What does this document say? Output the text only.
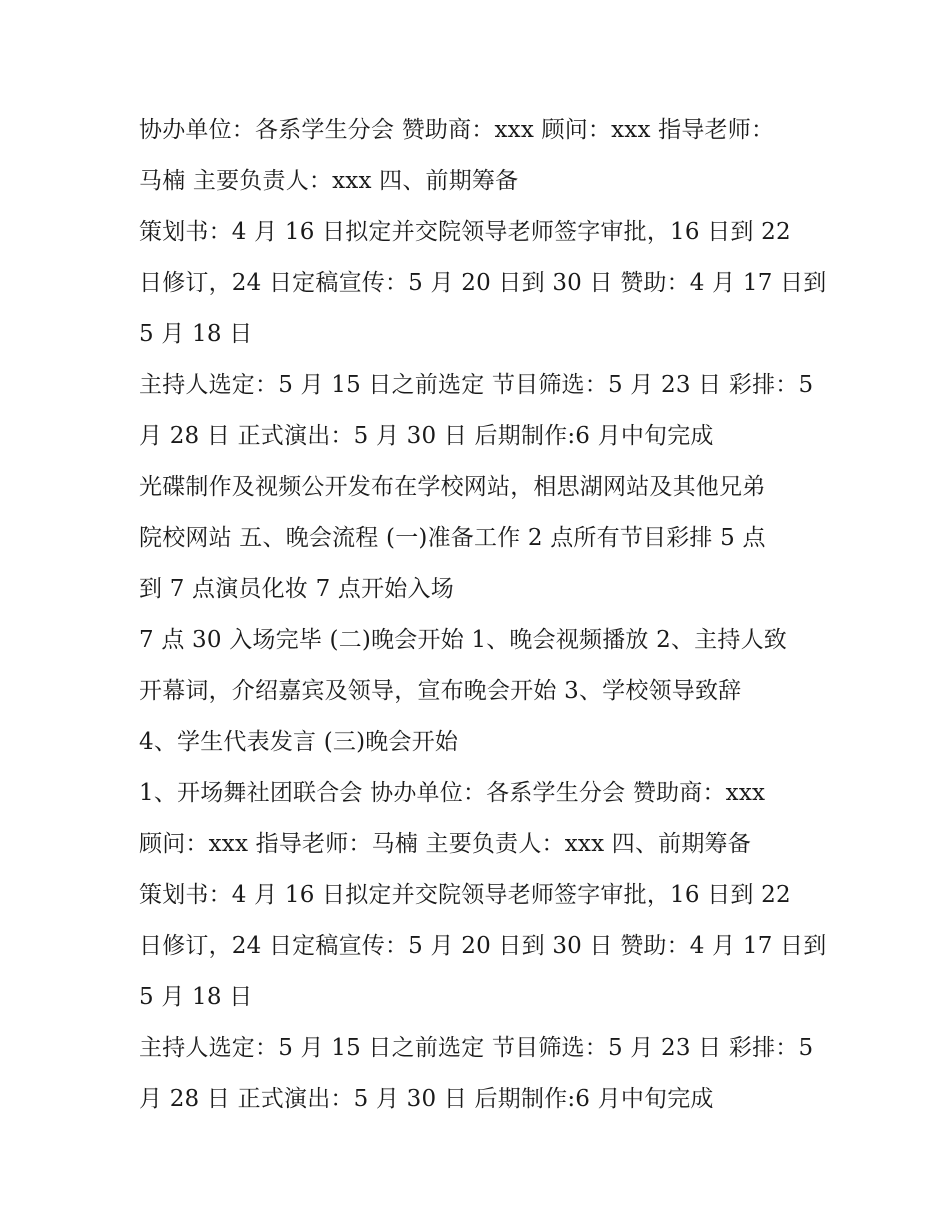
协办单位：各系学生分会 赞助商：xxx 顾问：xxx 指导老师：
马楠 主要负责人：xxx 四、前期筹备
策划书：4 月 16 日拟定并交院领导老师签字审批，16 日到 22
日修订，24 日定稿宣传：5 月 20 日到 30 日 赞助：4 月 17 日到
5 月 18 日
主持人选定：5 月 15 日之前选定 节目筛选：5 月 23 日 彩排：5
月 28 日 正式演出：5 月 30 日 后期制作:6 月中旬完成
光碟制作及视频公开发布在学校网站，相思湖网站及其他兄弟
院校网站 五、晚会流程 (一)准备工作 2 点所有节目彩排 5 点
到 7 点演员化妆 7 点开始入场
7 点 30 入场完毕 (二)晚会开始 1、晚会视频播放 2、主持人致
开幕词，介绍嘉宾及领导，宣布晚会开始 3、学校领导致辞
4、学生代表发言 (三)晚会开始
1、开场舞社团联合会 协办单位：各系学生分会 赞助商：xxx
顾问：xxx 指导老师：马楠 主要负责人：xxx 四、前期筹备
策划书：4 月 16 日拟定并交院领导老师签字审批，16 日到 22
日修订，24 日定稿宣传：5 月 20 日到 30 日 赞助：4 月 17 日到
5 月 18 日
主持人选定：5 月 15 日之前选定 节目筛选：5 月 23 日 彩排：5
月 28 日 正式演出：5 月 30 日 后期制作:6 月中旬完成
